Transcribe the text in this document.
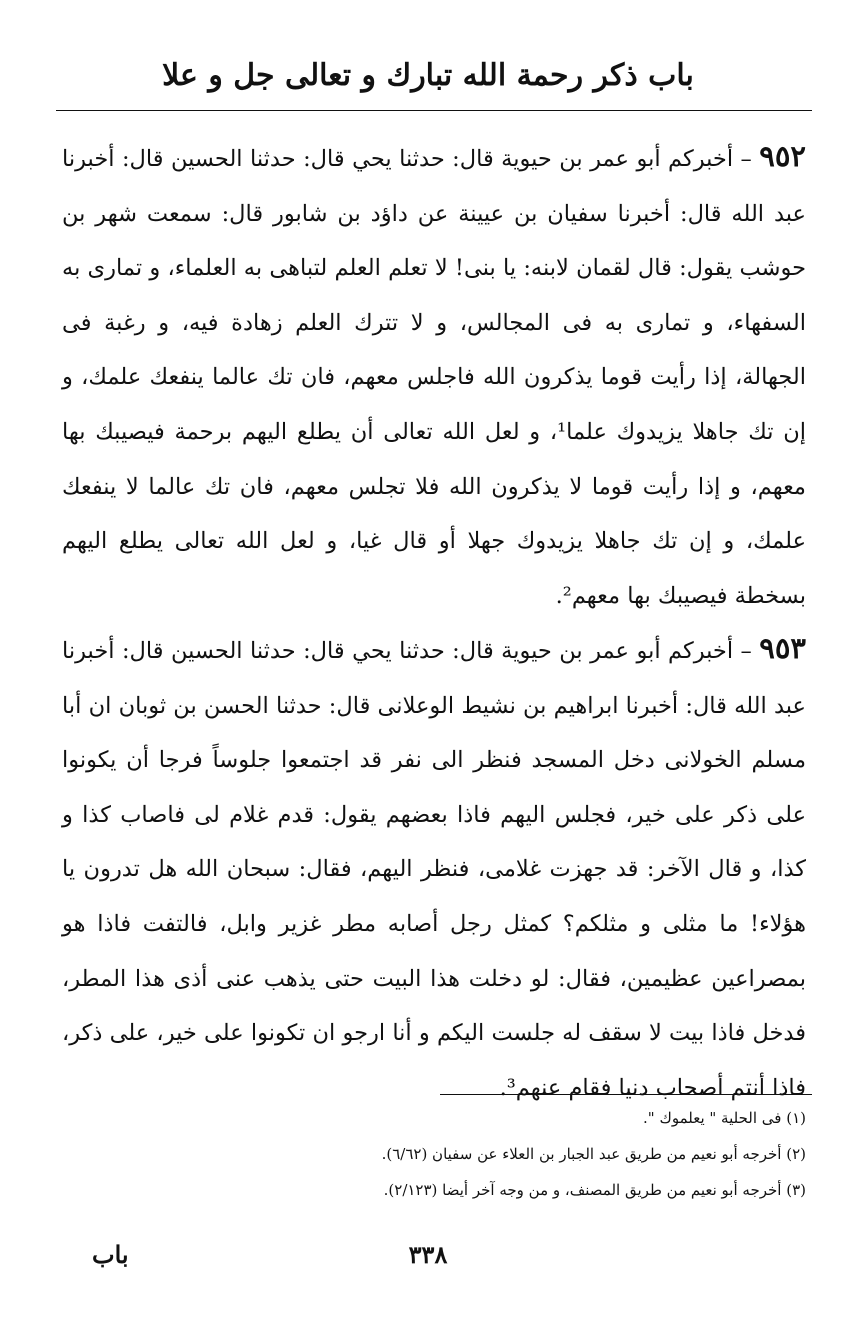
باب ذكر رحمة الله تبارك و تعالى جل و علا

٩٥٢ – أخبركم أبو عمر بن حيوية قال: حدثنا يحي قال: حدثنا الحسين قال: أخبرنا عبد الله قال: أخبرنا سفيان بن عيينة عن داؤد بن شابور قال: سمعت شهر بن حوشب يقول: قال لقمان لابنه: يا بنى! لا تعلم العلم لتباهى به العلماء، و تمارى به السفهاء، و تمارى به فى المجالس، و لا تترك العلم زهادة فيه، و رغبة فى الجهالة، إذا رأيت قوما يذكرون الله فاجلس معهم، فان تك عالما ينفعك علمك، و إن تك جاهلا يزيدوك علما¹، و لعل الله تعالى أن يطلع اليهم برحمة فيصيبك بها معهم، و إذا رأيت قوما لا يذكرون الله فلا تجلس معهم، فان تك عالما لا ينفعك علمك، و إن تك جاهلا يزيدوك جهلا أو قال غيا، و لعل الله تعالى يطلع اليهم بسخطة فيصيبك بها معهم².

٩٥٣ – أخبركم أبو عمر بن حيوية قال: حدثنا يحي قال: حدثنا الحسين قال: أخبرنا عبد الله قال: أخبرنا ابراهيم بن نشيط الوعلانى قال: حدثنا الحسن بن ثوبان ان أبا مسلم الخولانى دخل المسجد فنظر الى نفر قد اجتمعوا جلوساً فرجا أن يكونوا على ذكر على خير، فجلس اليهم فاذا بعضهم يقول: قدم غلام لى فاصاب كذا و كذا، و قال الآخر: قد جهزت غلامى، فنظر اليهم، فقال: سبحان الله هل تدرون يا هؤلاء! ما مثلى و مثلكم؟ كمثل رجل أصابه مطر غزير وابل، فالتفت فاذا هو بمصراعين عظيمين، فقال: لو دخلت هذا البيت حتى يذهب عنى أذى هذا المطر، فدخل فاذا بيت لا سقف له جلست اليكم و أنا ارجو ان تكونوا على خير، على ذكر، فاذا أنتم أصحاب دنيا فقام عنهم³.

(١) فى الحلية " يعلموك ".
(٢) أخرجه أبو نعيم من طريق عبد الجبار بن العلاء عن سفيان (٦/٦٢).
(٣) أخرجه أبو نعيم من طريق المصنف، و من وجه آخر أيضا (٢/١٢٣).
٣٣٨
باب
